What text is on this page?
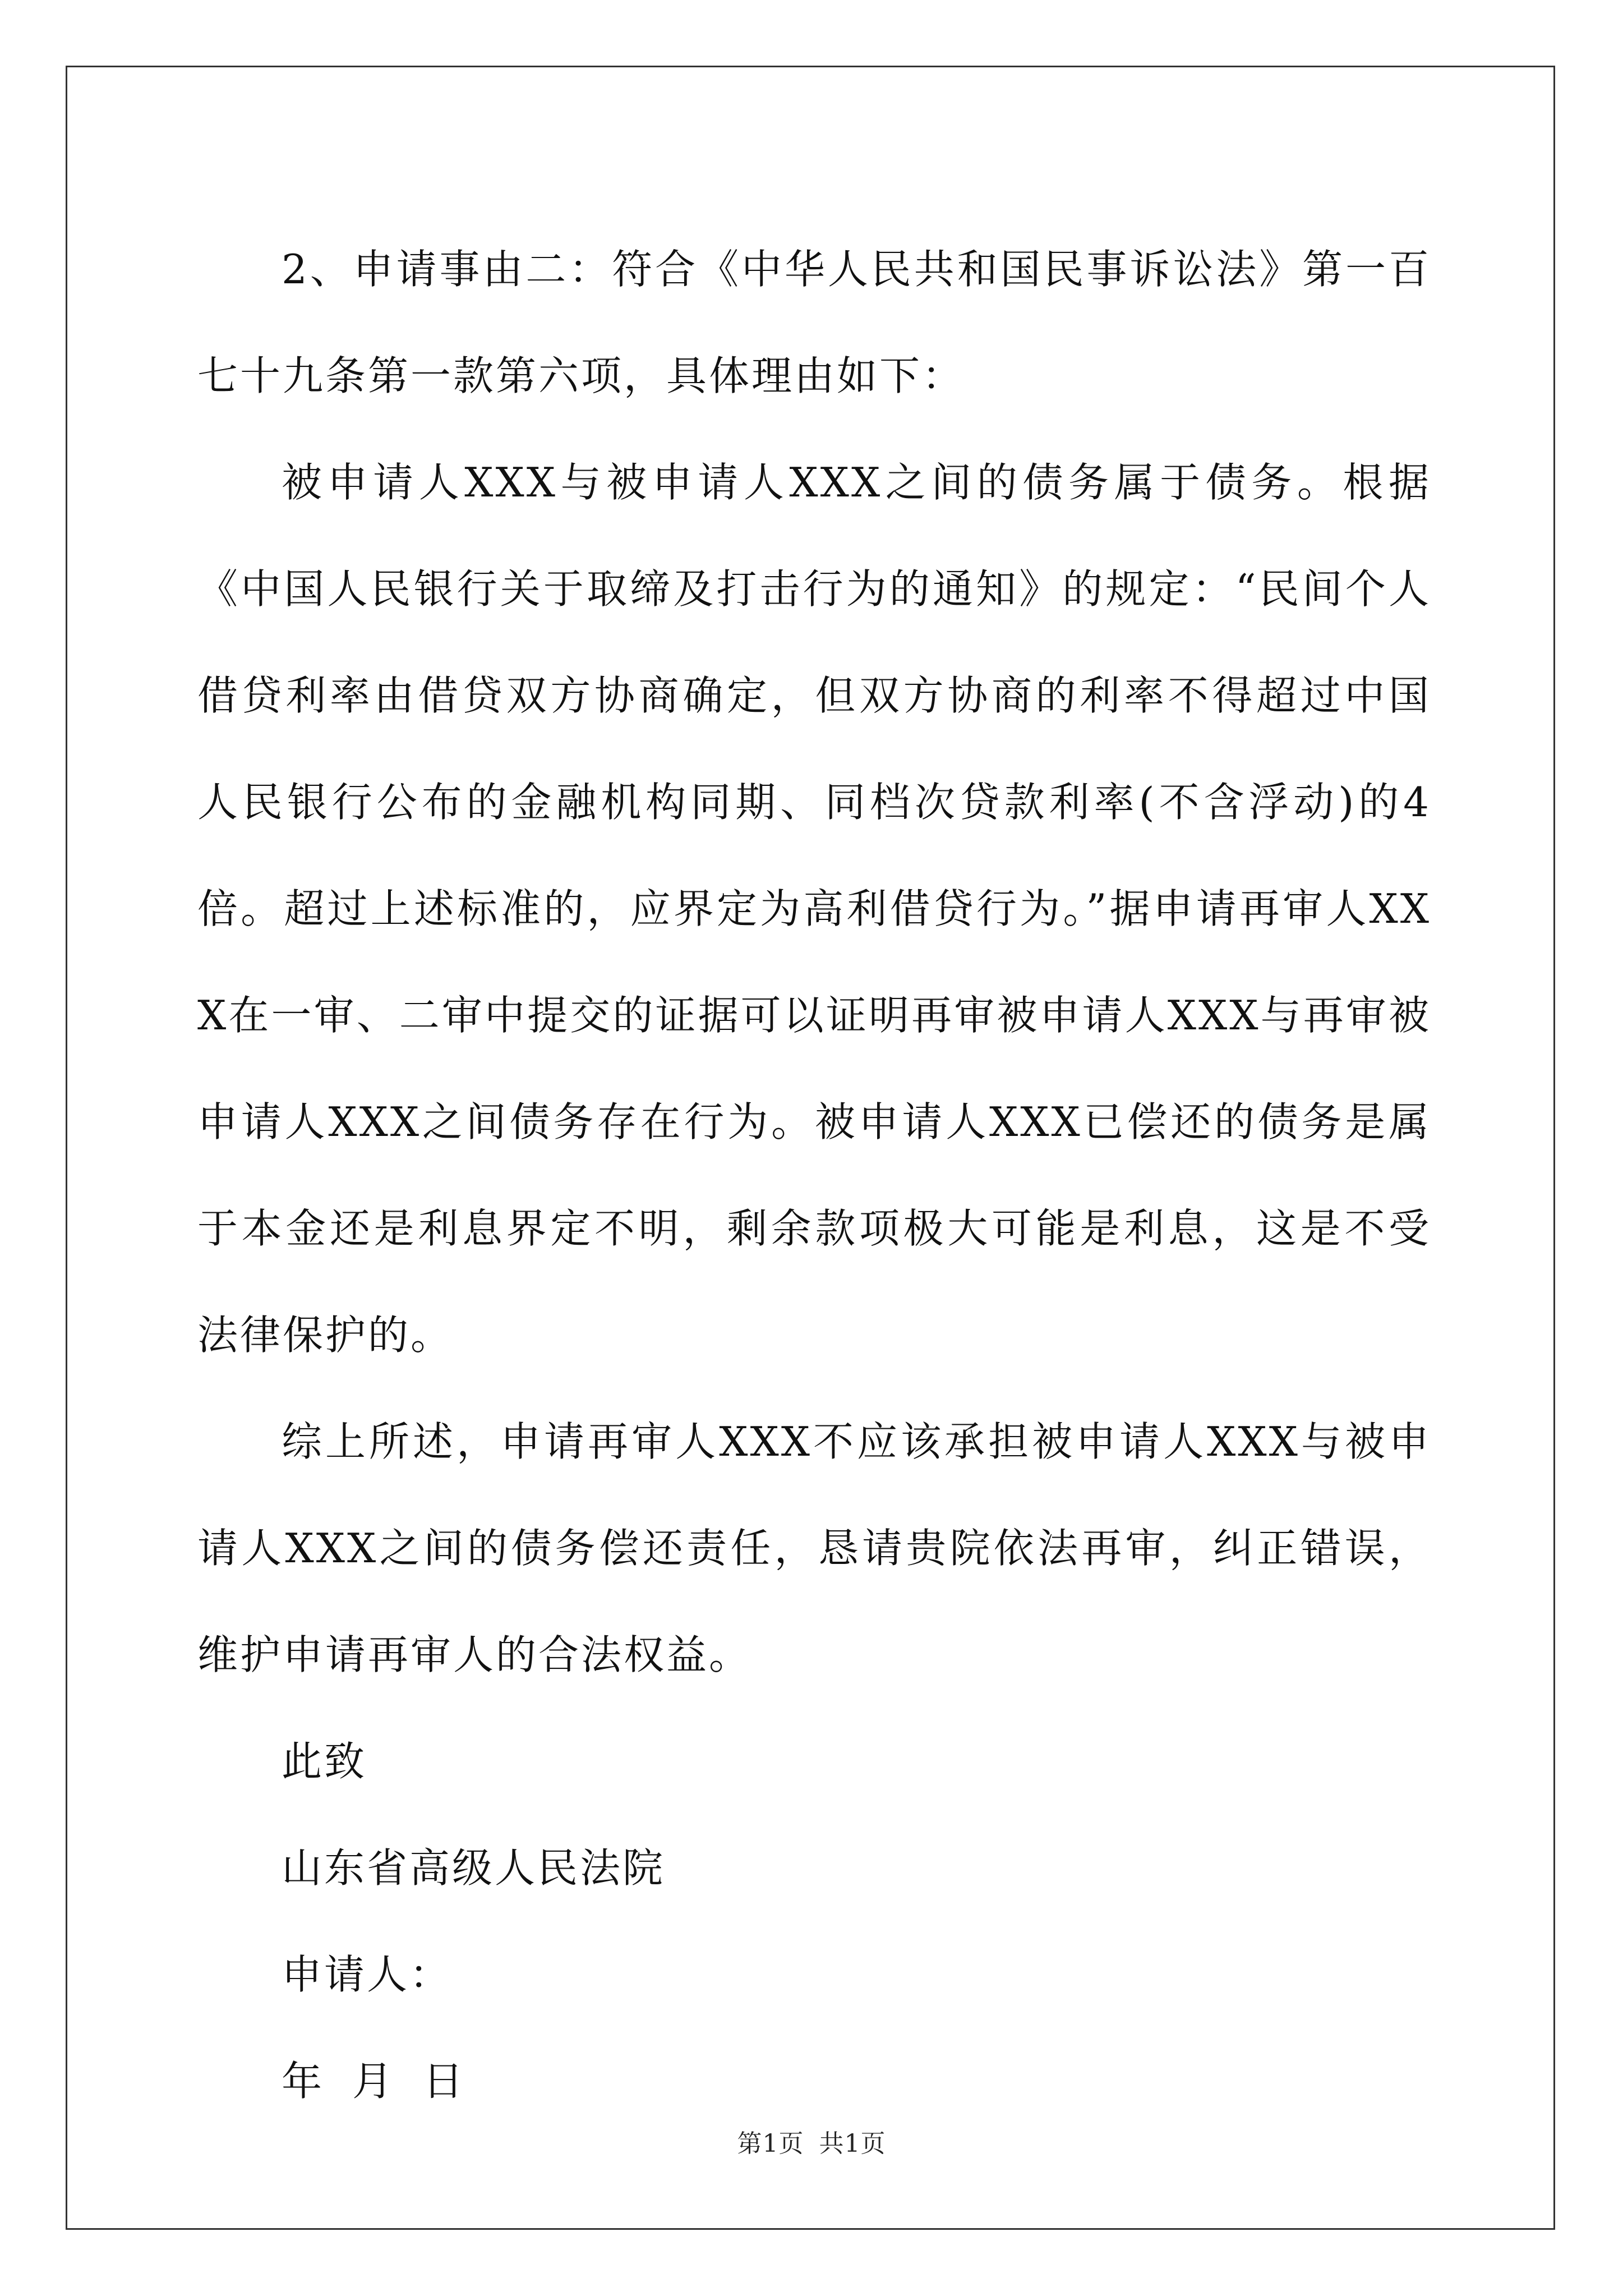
2、申请事由二：符合《中华人民共和国民事诉讼法》第一百七十九条第一款第六项，具体理由如下：

被申请人XXX与被申请人XXX之间的债务属于债务。根据《中国人民银行关于取缔及打击行为的通知》的规定：“民间个人借贷利率由借贷双方协商确定，但双方协商的利率不得超过中国人民银行公布的金融机构同期、同档次贷款利率(不含浮动)的4倍。超过上述标准的，应界定为高利借贷行为。”据申请再审人XXX在一审、二审中提交的证据可以证明再审被申请人XXX与再审被申请人XXX之间债务存在行为。被申请人XXX已偿还的债务是属于本金还是利息界定不明，剩余款项极大可能是利息，这是不受法律保护的。

综上所述，申请再审人XXX不应该承担被申请人XXX与被申请人XXX之间的债务偿还责任，恳请贵院依法再审，纠正错误，维护申请再审人的合法权益。

此致

山东省高级人民法院

申请人：

年 月 日

第1页 共1页
